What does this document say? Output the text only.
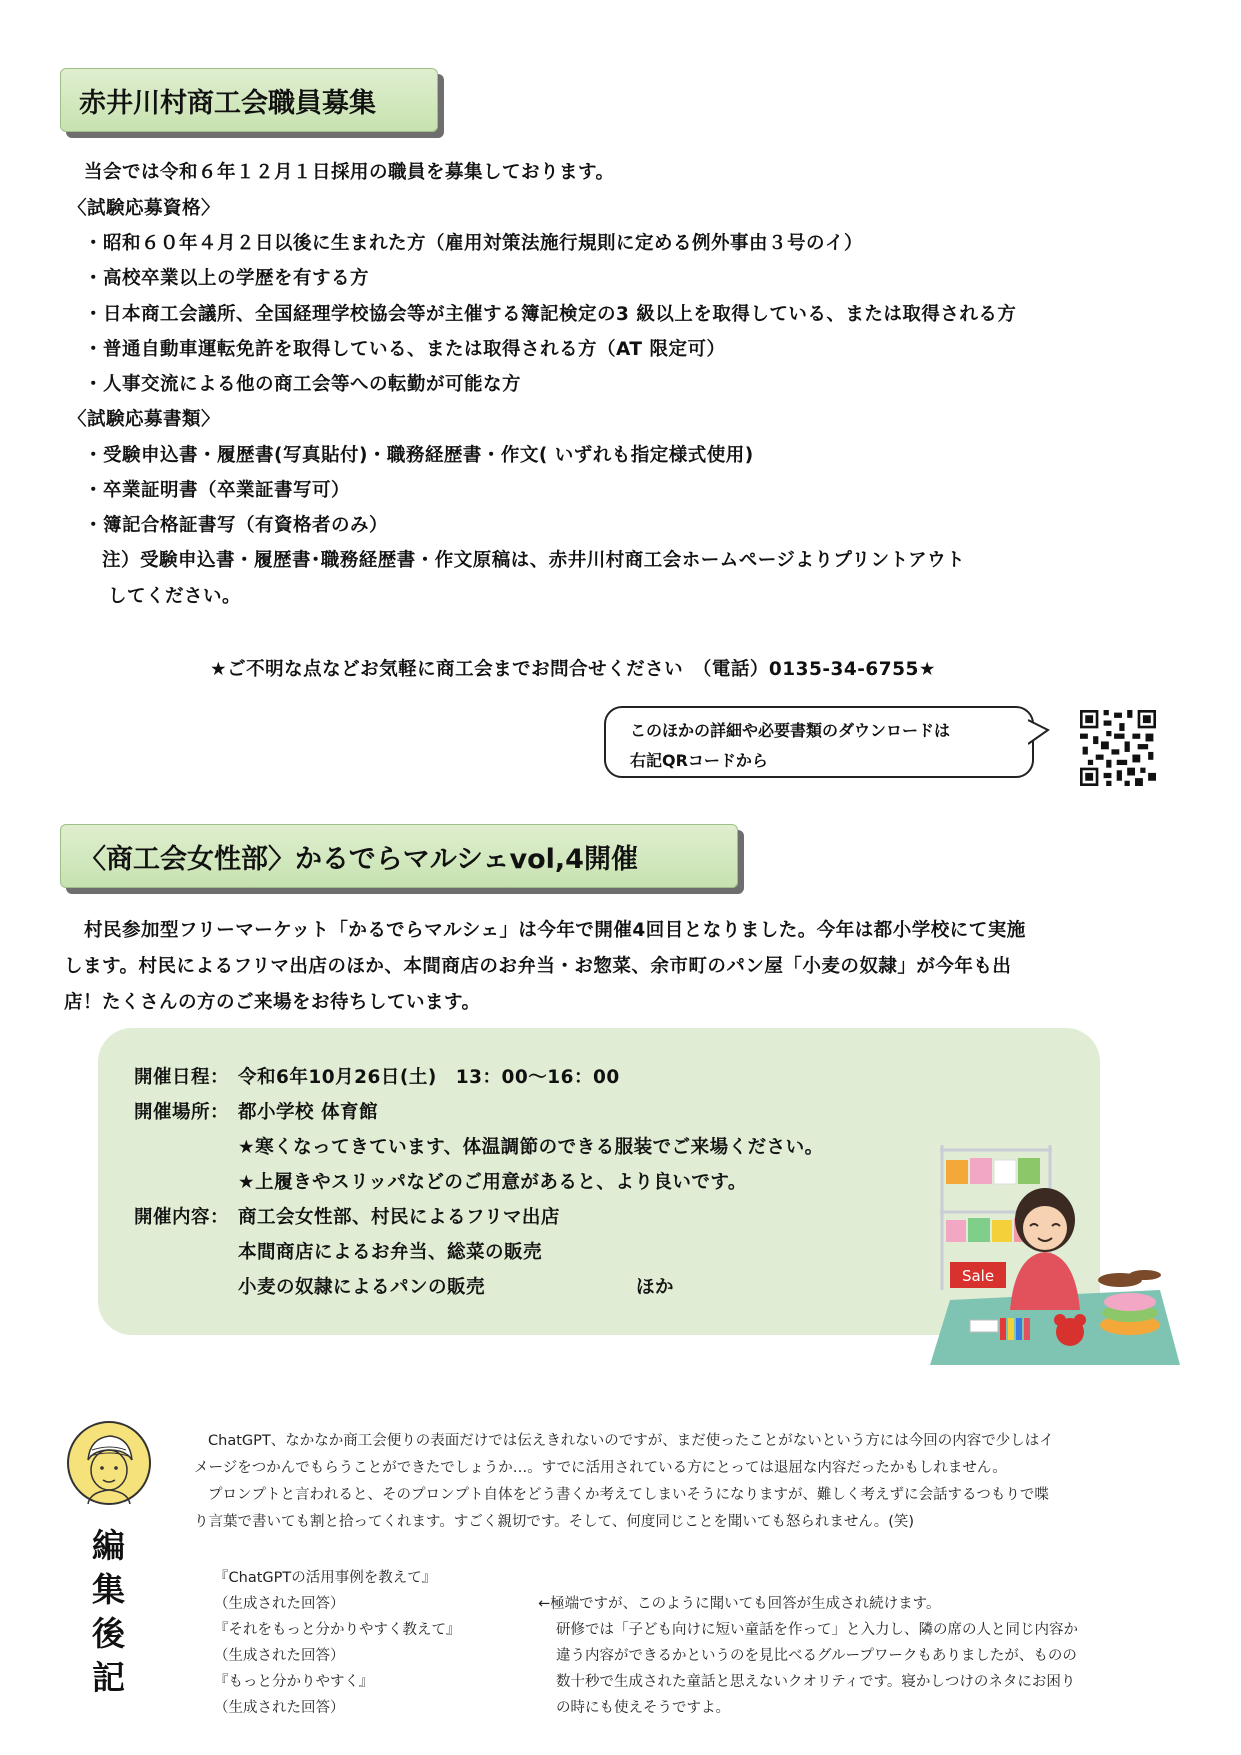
赤井川村商工会職員募集
当会では令和６年１２月１日採用の職員を募集しております。
〈試験応募資格〉
・昭和６０年４月２日以後に生まれた方（雇用対策法施行規則に定める例外事由３号のイ）
・高校卒業以上の学歴を有する方
・日本商工会議所、全国経理学校協会等が主催する簿記検定の3 級以上を取得している、または取得される方
・普通自動車運転免許を取得している、または取得される方（AT 限定可）
・人事交流による他の商工会等への転勤が可能な方
〈試験応募書類〉
・受験申込書・履歴書(写真貼付)・職務経歴書・作文( いずれも指定様式使用)
・卒業証明書（卒業証書写可）
・簿記合格証書写（有資格者のみ）
注）受験申込書・履歴書･職務経歴書・作文原稿は、赤井川村商工会ホームページよりプリントアウト
してください。
★ご不明な点などお気軽に商工会までお問合せください　（電話）0135-34-6755★
このほかの詳細や必要書類のダウンロードは
右記QRコードから
〈商工会女性部〉かるでらマルシェvol,4開催
村民参加型フリーマーケット「かるでらマルシェ」は今年で開催4回目となりました。今年は都小学校にて実施
します。村民によるフリマ出店のほか、本間商店のお弁当・お惣菜、余市町のパン屋「小麦の奴隷」が今年も出
店！たくさんの方のご来場をお待ちしています。
開催日程： 令和6年10月26日(土)　13：00～16：00
開催場所： 都小学校 体育館
★寒くなってきています、体温調節のできる服装でご来場ください。
★上履きやスリッパなどのご用意があると、より良いです。
開催内容： 商工会女性部、村民によるフリマ出店
本間商店によるお弁当、総菜の販売
小麦の奴隷によるパンの販売	ほか
Sale
編
集
後
記
ChatGPT、なかなか商工会便りの表面だけでは伝えきれないのですが、まだ使ったことがないという方には今回の内容で少しはイ
メージをつかんでもらうことができたでしょうか…。すでに活用されている方にとっては退屈な内容だったかもしれません。
プロンプトと言われると、そのプロンプト自体をどう書くか考えてしまいそうになりますが、難しく考えずに会話するつもりで喋
り言葉で書いても割と拾ってくれます。すごく親切です。そして、何度同じことを聞いても怒られません。(笑)
『ChatGPTの活用事例を教えて』
（生成された回答）
『それをもっと分かりやすく教えて』
（生成された回答）
『もっと分かりやすく』
（生成された回答）
←極端ですが、このように聞いても回答が生成され続けます。
研修では「子ども向けに短い童話を作って」と入力し、隣の席の人と同じ内容か
違う内容ができるかというのを見比べるグループワークもありましたが、ものの
数十秒で生成された童話と思えないクオリティです。寝かしつけのネタにお困り
の時にも使えそうですよ。
